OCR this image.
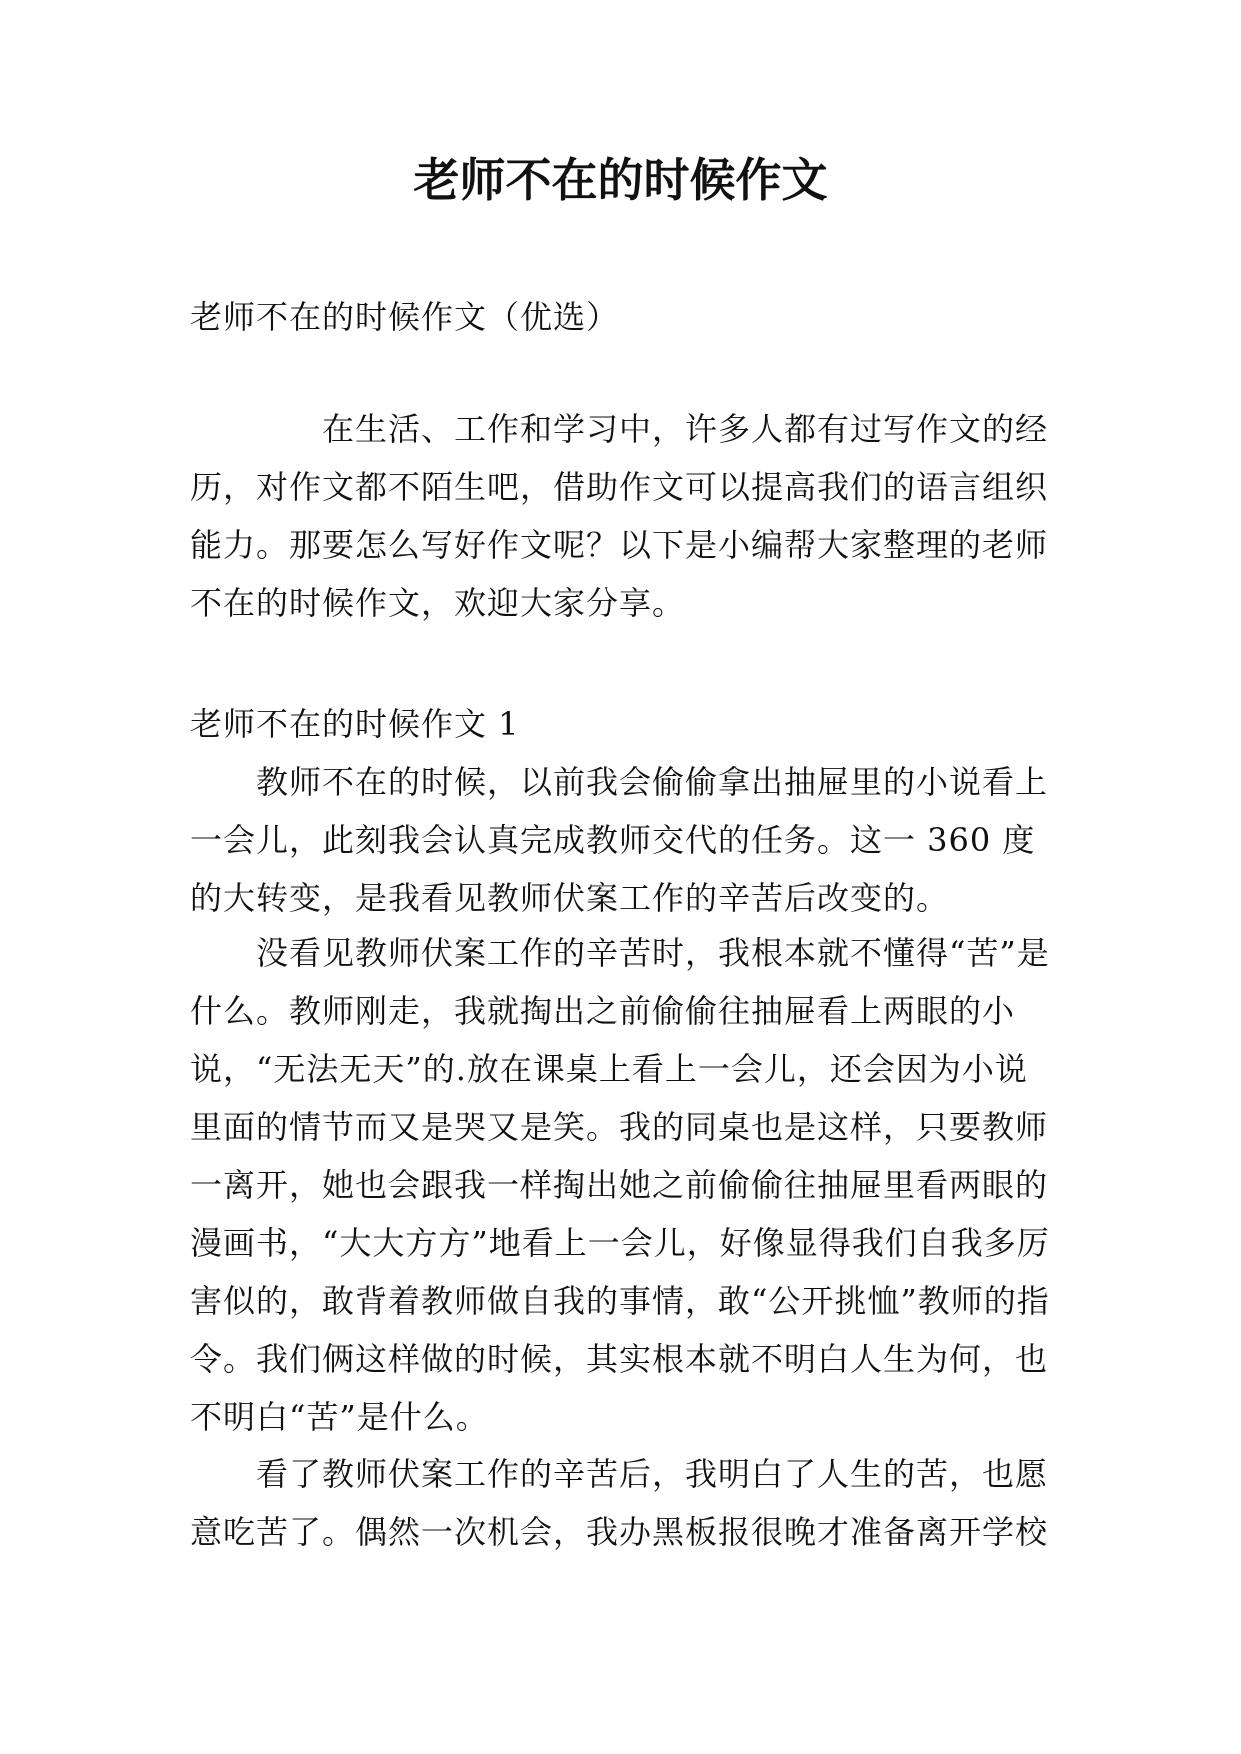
老师不在的时候作文

老师不在的时候作文（优选）

在生活、工作和学习中，许多人都有过写作文的经历，对作文都不陌生吧，借助作文可以提高我们的语言组织能力。那要怎么写好作文呢？以下是小编帮大家整理的老师不在的时候作文，欢迎大家分享。

老师不在的时候作文 1

教师不在的时候，以前我会偷偷拿出抽屉里的小说看上一会儿，此刻我会认真完成教师交代的任务。这一 360 度的大转变，是我看见教师伏案工作的辛苦后改变的。

没看见教师伏案工作的辛苦时，我根本就不懂得“苦”是什么。教师刚走，我就掏出之前偷偷往抽屉看上两眼的小说，“无法无天”的.放在课桌上看上一会儿，还会因为小说里面的情节而又是哭又是笑。我的同桌也是这样，只要教师一离开，她也会跟我一样掏出她之前偷偷往抽屉里看两眼的漫画书，“大大方方”地看上一会儿，好像显得我们自我多厉害似的，敢背着教师做自我的事情，敢“公开挑恤”教师的指令。我们俩这样做的时候，其实根本就不明白人生为何，也不明白“苦”是什么。

看了教师伏案工作的辛苦后，我明白了人生的苦，也愿意吃苦了。偶然一次机会，我办黑板报很晚才准备离开学校
